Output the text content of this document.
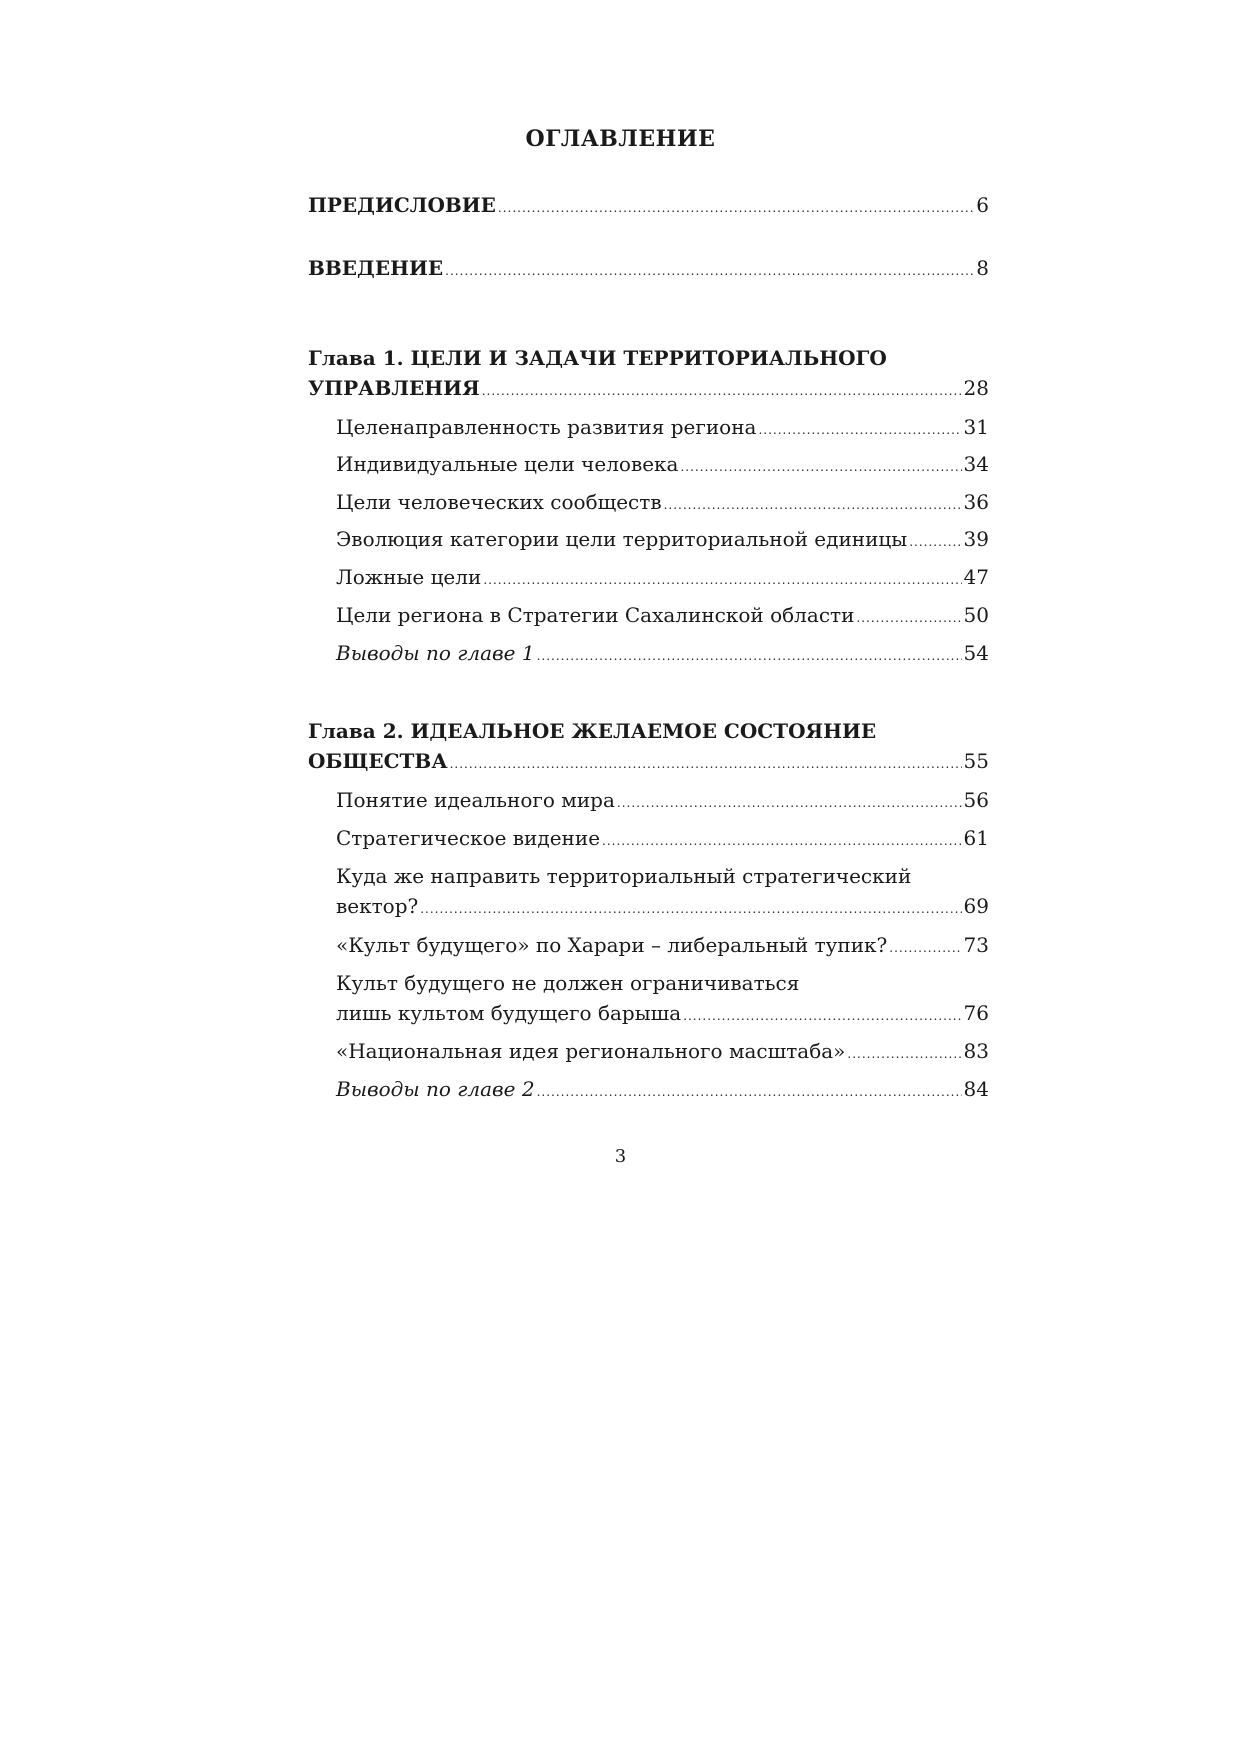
ОГЛАВЛЕНИЕ
ПРЕДИСЛОВИЕ .....	6
ВВЕДЕНИЕ .....	8
Глава 1. ЦЕЛИ И ЗАДАЧИ ТЕРРИТОРИАЛЬНОГО
УПРАВЛЕНИЯ .....	28
Целенаправленность развития региона .....	31
Индивидуальные цели человека .....	34
Цели человеческих сообществ .....	36
Эволюция категории цели территориальной единицы .....	39
Ложные цели .....	47
Цели региона в Стратегии Сахалинской области .....	50
Выводы по главе 1 .....	54
Глава 2. ИДЕАЛЬНОЕ ЖЕЛАЕМОЕ СОСТОЯНИЕ
ОБЩЕСТВА .....	55
Понятие идеального мира .....	56
Стратегическое видение .....	61
Куда же направить территориальный стратегический
вектор? .....	69
«Культ будущего» по Харари – либеральный тупик? .....	73
Культ будущего не должен ограничиваться
лишь культом будущего барыша .....	76
«Национальная идея регионального масштаба» .....	83
Выводы по главе 2 .....	84
3
